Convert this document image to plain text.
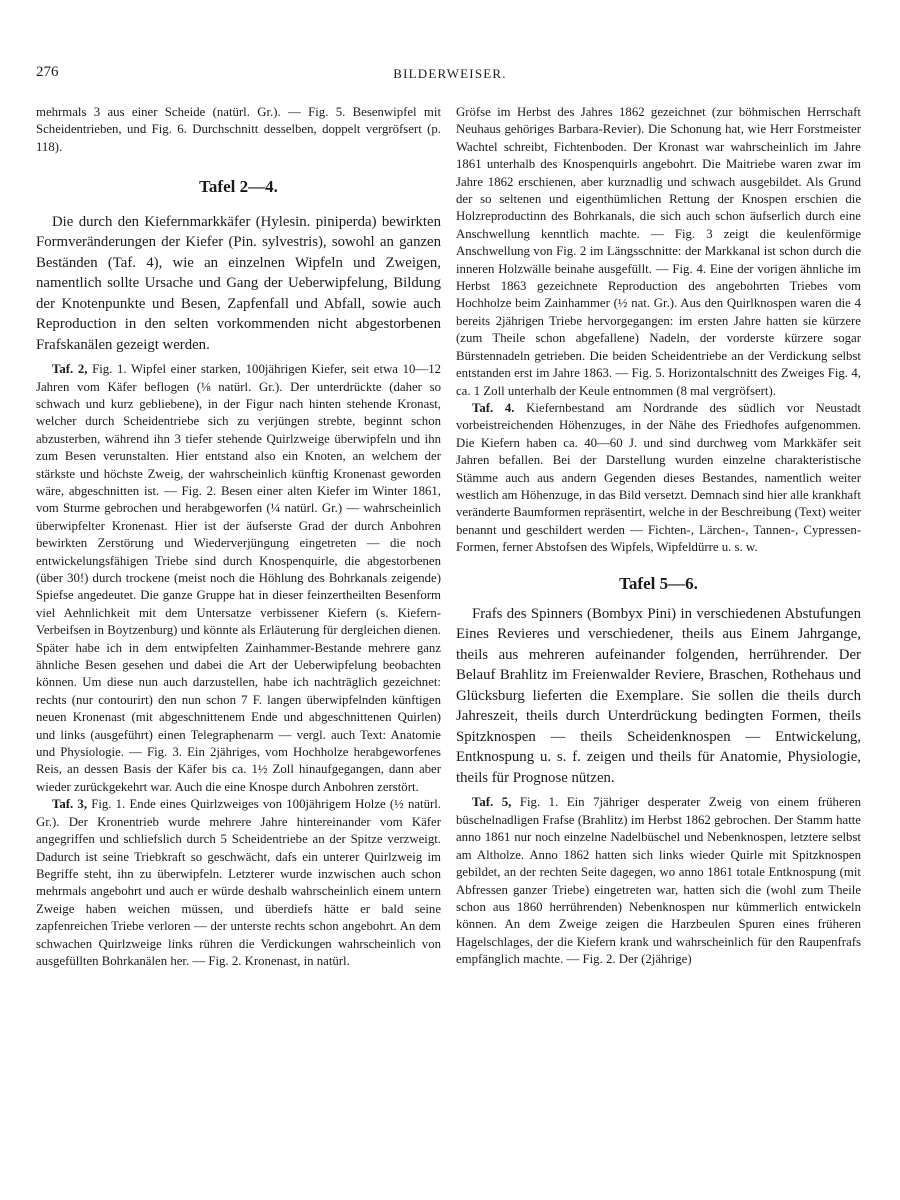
276	BILDERWEISER.

mehrmals 3 aus einer Scheide (natürl. Gr.). — Fig. 5. Besenwipfel mit Scheidentrieben, und Fig. 6. Durchschnitt desselben, doppelt vergröfsert (p. 118).

Tafel 2—4.

Die durch den Kiefernmarkkäfer (Hylesin. piniperda) bewirkten Formveränderungen der Kiefer (Pin. sylvestris), sowohl an ganzen Beständen (Taf. 4), wie an einzelnen Wipfeln und Zweigen, namentlich sollte Ursache und Gang der Ueberwipfelung, Bildung der Knotenpunkte und Besen, Zapfenfall und Abfall, sowie auch Reproduction in den selten vorkommenden nicht abgestorbenen Frafskanälen gezeigt werden.

Taf. 2, Fig. 1. Wipfel einer starken, 100jährigen Kiefer, seit etwa 10—12 Jahren vom Käfer beflogen (⅛ natürl. Gr.). Der unterdrückte (daher so schwach und kurz gebliebene), in der Figur nach hinten stehende Kronast, welcher durch Scheidentriebe sich zu verjüngen strebte, beginnt schon abzusterben, während ihn 3 tiefer stehende Quirlzweige überwipfeln und ihn zum Besen verunstalten. Hier entstand also ein Knoten, an welchem der stärkste und höchste Zweig, der wahrscheinlich künftig Kronenast geworden wäre, abgeschnitten ist. — Fig. 2. Besen einer alten Kiefer im Winter 1861, vom Sturme gebrochen und herabgeworfen (¼ natürl. Gr.) — wahrscheinlich überwipfelter Kronenast. Hier ist der äufserste Grad der durch Anbohren bewirkten Zerstörung und Wiederverjüngung eingetreten — die noch entwickelungsfähigen Triebe sind durch Knospenquirle, die abgestorbenen (über 30!) durch trockene (meist noch die Höhlung des Bohrkanals zeigende) Spiefse angedeutet. Die ganze Gruppe hat in dieser feinzertheilten Besenform viel Aehnlichkeit mit dem Untersatze verbissener Kiefern (s. Kiefern-Verbeifsen in Boytzenburg) und könnte als Erläuterung für dergleichen dienen. Später habe ich in dem entwipfelten Zainhammer-Bestande mehrere ganz ähnliche Besen gesehen und dabei die Art der Ueberwipfelung beobachten können. Um diese nun auch darzustellen, habe ich nachträglich gezeichnet: rechts (nur contourirt) den nun schon 7 F. langen überwipfelnden künftigen neuen Kronenast (mit abgeschnittenem Ende und abgeschnittenen Quirlen) und links (ausgeführt) einen Telegraphenarm — vergl. auch Text: Anatomie und Physiologie. — Fig. 3. Ein 2jähriges, vom Hochholze herabgeworfenes Reis, an dessen Basis der Käfer bis ca. 1½ Zoll hinaufgegangen, dann aber wieder zurückgekehrt war. Auch die eine Knospe durch Anbohren zerstört.

Taf. 3, Fig. 1. Ende eines Quirlzweiges von 100jährigem Holze (½ natürl. Gr.). Der Kronentrieb wurde mehrere Jahre hintereinander vom Käfer angegriffen und schliefslich durch 5 Scheidentriebe an der Spitze verzweigt. Dadurch ist seine Triebkraft so geschwächt, dafs ein unterer Quirlzweig im Begriffe steht, ihn zu überwipfeln. Letzterer wurde inzwischen auch schon mehrmals angebohrt und auch er würde deshalb wahrscheinlich einem untern Zweige haben weichen müssen, und überdiefs hätte er bald seine zapfenreichen Triebe verloren — der unterste rechts schon angebohrt. An dem schwachen Quirlzweige links rühren die Verdickungen wahrscheinlich von ausgefüllten Bohrkanälen her. — Fig. 2. Kronenast, in natürl.

Gröfse im Herbst des Jahres 1862 gezeichnet (zur böhmischen Herrschaft Neuhaus gehöriges Barbara-Revier). Die Schonung hat, wie Herr Forstmeister Wachtel schreibt, Fichtenboden. Der Kronast war wahrscheinlich im Jahre 1861 unterhalb des Knospenquirls angebohrt. Die Maitriebe waren zwar im Jahre 1862 erschienen, aber kurznadlig und schwach ausgebildet. Als Grund der so seltenen und eigenthümlichen Rettung der Knospen erschien die Holzreproductinn des Bohrkanals, die sich auch schon äufserlich durch eine Anschwellung kenntlich machte. — Fig. 3 zeigt die keulenförmige Anschwellung von Fig. 2 im Längsschnitte: der Markkanal ist schon durch die inneren Holzwälle beinahe ausgefüllt. — Fig. 4. Eine der vorigen ähnliche im Herbst 1863 gezeichnete Reproduction des angebohrten Triebes vom Hochholze beim Zainhammer (½ nat. Gr.). Aus den Quirlknospen waren die 4 bereits 2jährigen Triebe hervorgegangen: im ersten Jahre hatten sie kürzere (zum Theile schon abgefallene) Nadeln, der vorderste kürzere sogar Bürstennadeln getrieben. Die beiden Scheidentriebe an der Verdickung selbst entstanden erst im Jahre 1863. — Fig. 5. Horizontalschnitt des Zweiges Fig. 4, ca. 1 Zoll unterhalb der Keule entnommen (8 mal vergröfsert).

Taf. 4. Kiefernbestand am Nordrande des südlich vor Neustadt vorbeistreichenden Höhenzuges, in der Nähe des Friedhofes aufgenommen. Die Kiefern haben ca. 40—60 J. und sind durchweg vom Markkäfer seit Jahren befallen. Bei der Darstellung wurden einzelne charakteristische Stämme auch aus andern Gegenden dieses Bestandes, namentlich weiter westlich am Höhenzuge, in das Bild versetzt. Demnach sind hier alle krankhaft veränderte Baumformen repräsentirt, welche in der Beschreibung (Text) weiter benannt und geschildert werden — Fichten-, Lärchen-, Tannen-, Cypressen-Formen, ferner Abstofsen des Wipfels, Wipfeldürre u. s. w.

Tafel 5—6.

Frafs des Spinners (Bombyx Pini) in verschiedenen Abstufungen Eines Revieres und verschiedener, theils aus Einem Jahrgange, theils aus mehreren aufeinander folgenden, herrührender. Der Belauf Brahlitz im Freienwalder Reviere, Braschen, Rothehaus und Glücksburg lieferten die Exemplare. Sie sollen die theils durch Jahreszeit, theils durch Unterdrückung bedingten Formen, theils Spitzknospen — theils Scheidenknospen — Entwickelung, Entknospung u. s. f. zeigen und theils für Anatomie, Physiologie, theils für Prognose nützen.

Taf. 5, Fig. 1. Ein 7jähriger desperater Zweig von einem früheren büschelnadligen Frafse (Brahlitz) im Herbst 1862 gebrochen. Der Stamm hatte anno 1861 nur noch einzelne Nadelbüschel und Nebenknospen, letztere selbst am Altholze. Anno 1862 hatten sich links wieder Quirle mit Spitzknospen gebildet, an der rechten Seite dagegen, wo anno 1861 totale Entknospung (mit Abfressen ganzer Triebe) eingetreten war, hatten sich die (wohl zum Theile schon aus 1860 herrührenden) Nebenknospen nur kümmerlich entwickeln können. An dem Zweige zeigen die Harzbeulen Spuren eines früheren Hagelschlages, der die Kiefern krank und wahrscheinlich für den Raupenfrafs empfänglich machte. — Fig. 2. Der (2jährige)
